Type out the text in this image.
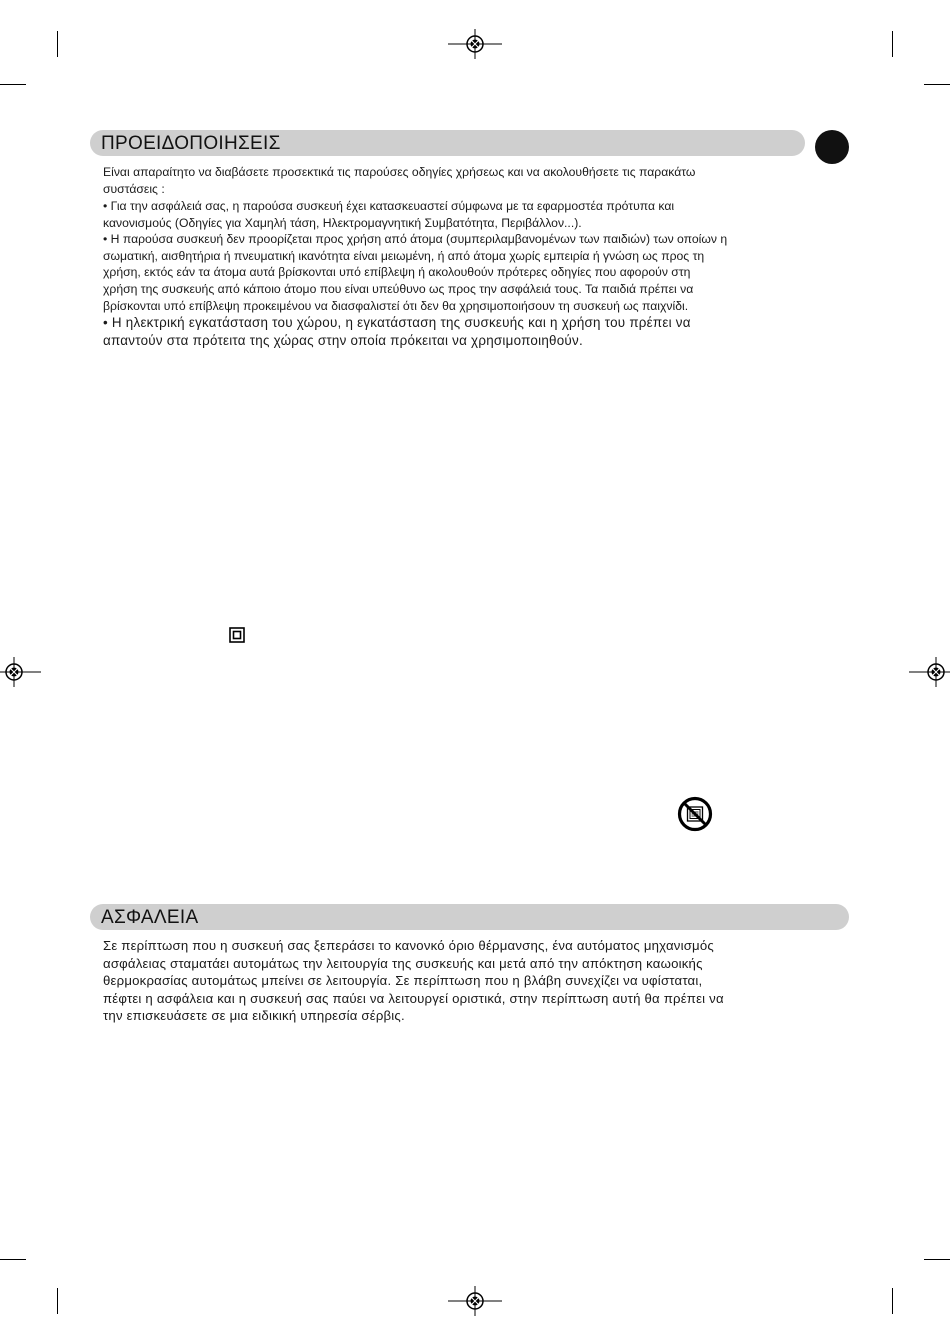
ΠΡΟΕΙΔΟΠΟΙΗΣΕΙΣ
Είναι απαραίτητο να διαβάσετε προσεκτικά τις παρούσες οδηγίες χρήσεως και να ακολουθήσετε τις παρακάτω
συστάσεις :
• Για την ασφάλειά σας, η παρούσα συσκευή έχει κατασκευαστεί σύμφωνα με τα εφαρμοστέα πρότυπα και
κανονισμούς (Οδηγίες για Χαμηλή τάση, Ηλεκτρομαγνητική Συμβατότητα, Περιβάλλον...).
• Η παρούσα συσκευή δεν προορίζεται προς χρήση από άτομα (συμπεριλαμβανομένων των παιδιών) των οποίων η
σωματική, αισθητήρια ή πνευματική ικανότητα είναι μειωμένη, ή από άτομα χωρίς εμπειρία ή γνώση ως προς τη
χρήση, εκτός εάν τα άτομα αυτά βρίσκονται υπό επίβλεψη ή ακολουθούν πρότερες οδηγίες που αφορούν στη
χρήση της συσκευής από κάποιο άτομο που είναι υπεύθυνο ως προς την ασφάλειά τους. Τα παιδιά πρέπει να
βρίσκονται υπό επίβλεψη προκειμένου να διασφαλιστεί ότι δεν θα χρησιμοποιήσουν τη συσκευή ως παιχνίδι.
• Η ηλεκτρική εγκατάσταση του χώρου, η εγκατάσταση της συσκευής και η χρήση του πρέπει να
απαντούν στα πρότειτα της χώρας στην οποία πρόκειται να χρησιμοποιηθούν.
ΑΣΦΑΛΕΙΑ
Σε περίπτωση που η συσκευή σας ξεπεράσει το κανονκό όριο θέρμανσης, ένα αυτόματος μηχανισμός
ασφάλειας σταματάει αυτομάτως την λειτουργία της συσκευής και μετά από την απόκτηση καωοικής
θερμοκρασίας αυτομάτως μπείνει σε λειτουργία. Σε περίπτωση που η βλάβη συνεχίζει να υφίσταται,
πέφτει η ασφάλεια και η συσκευή σας παύει να λειτουργεί οριστικά, στην περίπτωση αυτή θα πρέπει να
την επισκευάσετε σε μια ειδικική υπηρεσία σέρβις.
